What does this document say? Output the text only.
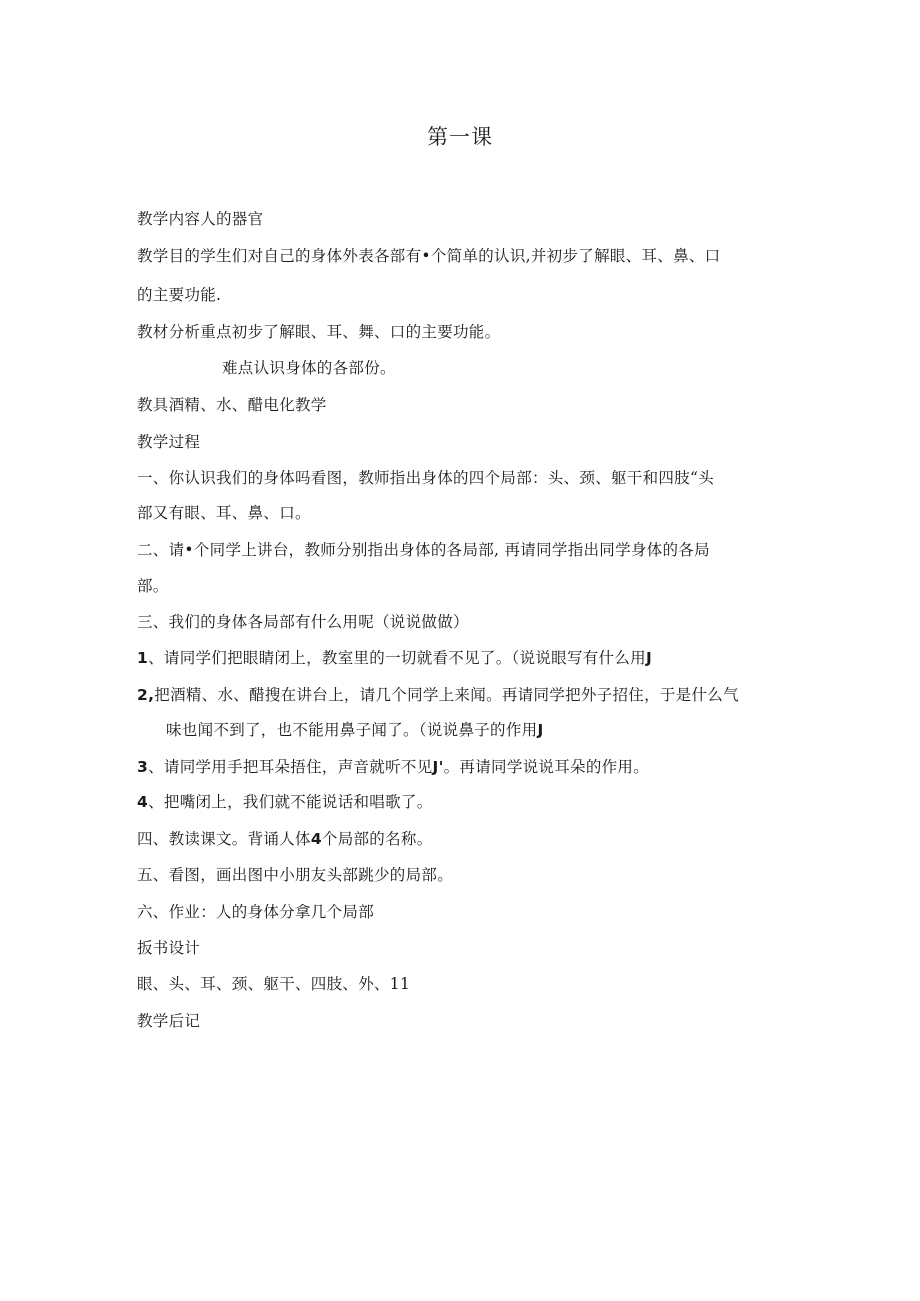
第一课
教学内容人的器官
教学目的学生们对自己的身体外表各部有•个简单的认识,并初步了解眼、耳、鼻、口
的主要功能.
教材分析重点初步了解眼、耳、舞、口的主要功能。
难点认识身体的各部份。
教具酒精、水、醋电化教学
教学过程
一、你认识我们的身体吗看图，教师指出身体的四个局部：头、颈、躯干和四肢“头
部又有眼、耳、鼻、口。
二、请•个同学上讲台，教师分别指出身体的各局部, 再请同学指出同学身体的各局
部。
三、我们的身体各局部有什么用呢（说说做做）
1、请同学们把眼睛闭上，教室里的一切就看不见了。（说说眼写有什么用J
2,把酒精、水、醋搜在讲台上，请几个同学上来闻。再请同学把外子招住，于是什么气
味也闻不到了，也不能用鼻子闻了。（说说鼻子的作用J
3、请同学用手把耳朵捂住，声音就听不见J'。再请同学说说耳朵的作用。
4、把嘴闭上，我们就不能说话和唱歌了。
四、教读课文。背诵人体4个局部的名称。
五、看图，画出图中小朋友头部跳少的局部。
六、作业：人的身体分拿几个局部
扳书设计
眼、头、耳、颈、躯干、四肢、外、11
教学后记
